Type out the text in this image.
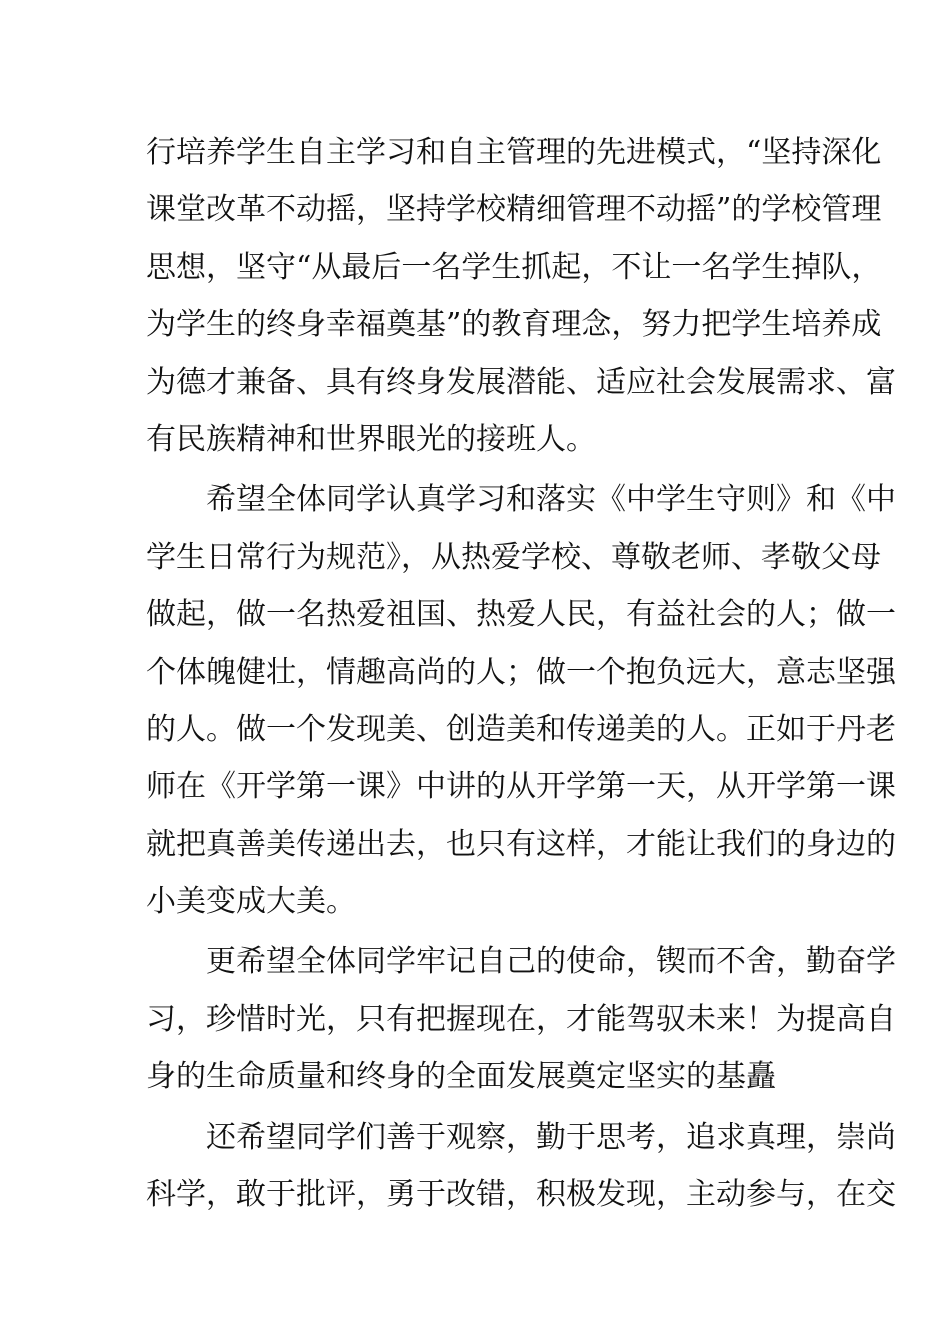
行培养学生自主学习和自主管理的先进模式，“坚持深化
课堂改革不动摇，坚持学校精细管理不动摇”的学校管理
思想，坚守“从最后一名学生抓起，不让一名学生掉队，
为学生的终身幸福奠基”的教育理念，努力把学生培养成
为德才兼备、具有终身发展潜能、适应社会发展需求、富
有民族精神和世界眼光的接班人。
　　希望全体同学认真学习和落实《中学生守则》和《中
学生日常行为规范》，从热爱学校、尊敬老师、孝敬父母
做起，做一名热爱祖国、热爱人民，有益社会的人；做一
个体魄健壮，情趣高尚的人；做一个抱负远大，意志坚强
的人。做一个发现美、创造美和传递美的人。正如于丹老
师在《开学第一课》中讲的从开学第一天，从开学第一课
就把真善美传递出去，也只有这样，才能让我们的身边的
小美变成大美。
　　更希望全体同学牢记自己的使命，锲而不舍，勤奋学
习，珍惜时光，只有把握现在，才能驾驭未来！为提高自
身的生命质量和终身的全面发展奠定坚实的基矗
　　还希望同学们善于观察，勤于思考，追求真理，崇尚
科学，敢于批评，勇于改错，积极发现，主动参与，在交
